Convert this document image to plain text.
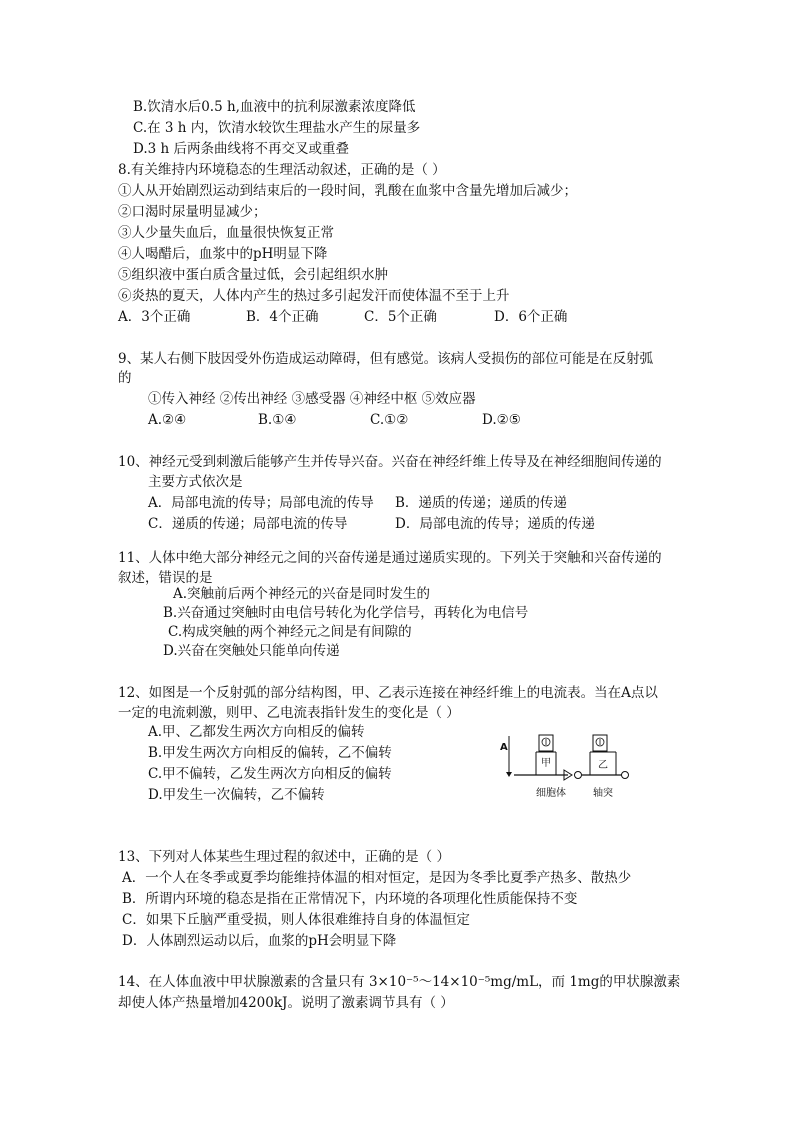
B.饮清水后0.5 h,血液中的抗利尿激素浓度降低
C.在 3 h 内，饮清水较饮生理盐水产生的尿量多
D.3 h 后两条曲线将不再交叉或重叠
8.有关维持内环境稳态的生理活动叙述，正确的是（ ）
①人从开始剧烈运动到结束后的一段时间，乳酸在血浆中含量先增加后减少；
②口渴时尿量明显减少；
③人少量失血后，血量很快恢复正常
④人喝醋后，血浆中的pH明显下降
⑤组织液中蛋白质含量过低，会引起组织水肿
⑥炎热的夏天，人体内产生的热过多引起发汗而使体温不至于上升
A．3个正确	B．4个正确	C．5个正确	D．6个正确
9、某人右侧下肢因受外伤造成运动障碍，但有感觉。该病人受损伤的部位可能是在反射弧
的
①传入神经 ②传出神经 ③感受器 ④神经中枢 ⑤效应器
A.②④	B.①④	C.①②	D.②⑤
10、神经元受到刺激后能够产生并传导兴奋。兴奋在神经纤维上传导及在神经细胞间传递的
主要方式依次是
A．局部电流的传导；局部电流的传导 B．递质的传递；递质的传递
C．递质的传递；局部电流的传导	D．局部电流的传导；递质的传递
11、人体中绝大部分神经元之间的兴奋传递是通过递质实现的。下列关于突触和兴奋传递的
叙述，错误的是
A.突触前后两个神经元的兴奋是同时发生的
B.兴奋通过突触时由电信号转化为化学信号，再转化为电信号
C.构成突触的两个神经元之间是有间隙的
D.兴奋在突触处只能单向传递
12、如图是一个反射弧的部分结构图，甲、乙表示连接在神经纤维上的电流表。当在A点以
一定的电流刺激，则甲、乙电流表指针发生的变化是（ ）
A.甲、乙都发生两次方向相反的偏转
B.甲发生两次方向相反的偏转，乙不偏转
C.甲不偏转，乙发生两次方向相反的偏转
D.甲发生一次偏转，乙不偏转
A
甲	乙
细胞体	轴突
13、下列对人体某些生理过程的叙述中，正确的是（ ）
A．一个人在冬季或夏季均能维持体温的相对恒定，是因为冬季比夏季产热多、散热少
B．所谓内环境的稳态是指在正常情况下，内环境的各项理化性质能保持不变
C．如果下丘脑严重受损，则人体很难维持自身的体温恒定
D．人体剧烈运动以后，血浆的pH会明显下降
14、在人体血液中甲状腺激素的含量只有 3×10⁻⁵～14×10⁻⁵mg/mL，而 1mg的甲状腺激素
却使人体产热量增加4200kJ。说明了激素调节具有（ ）
